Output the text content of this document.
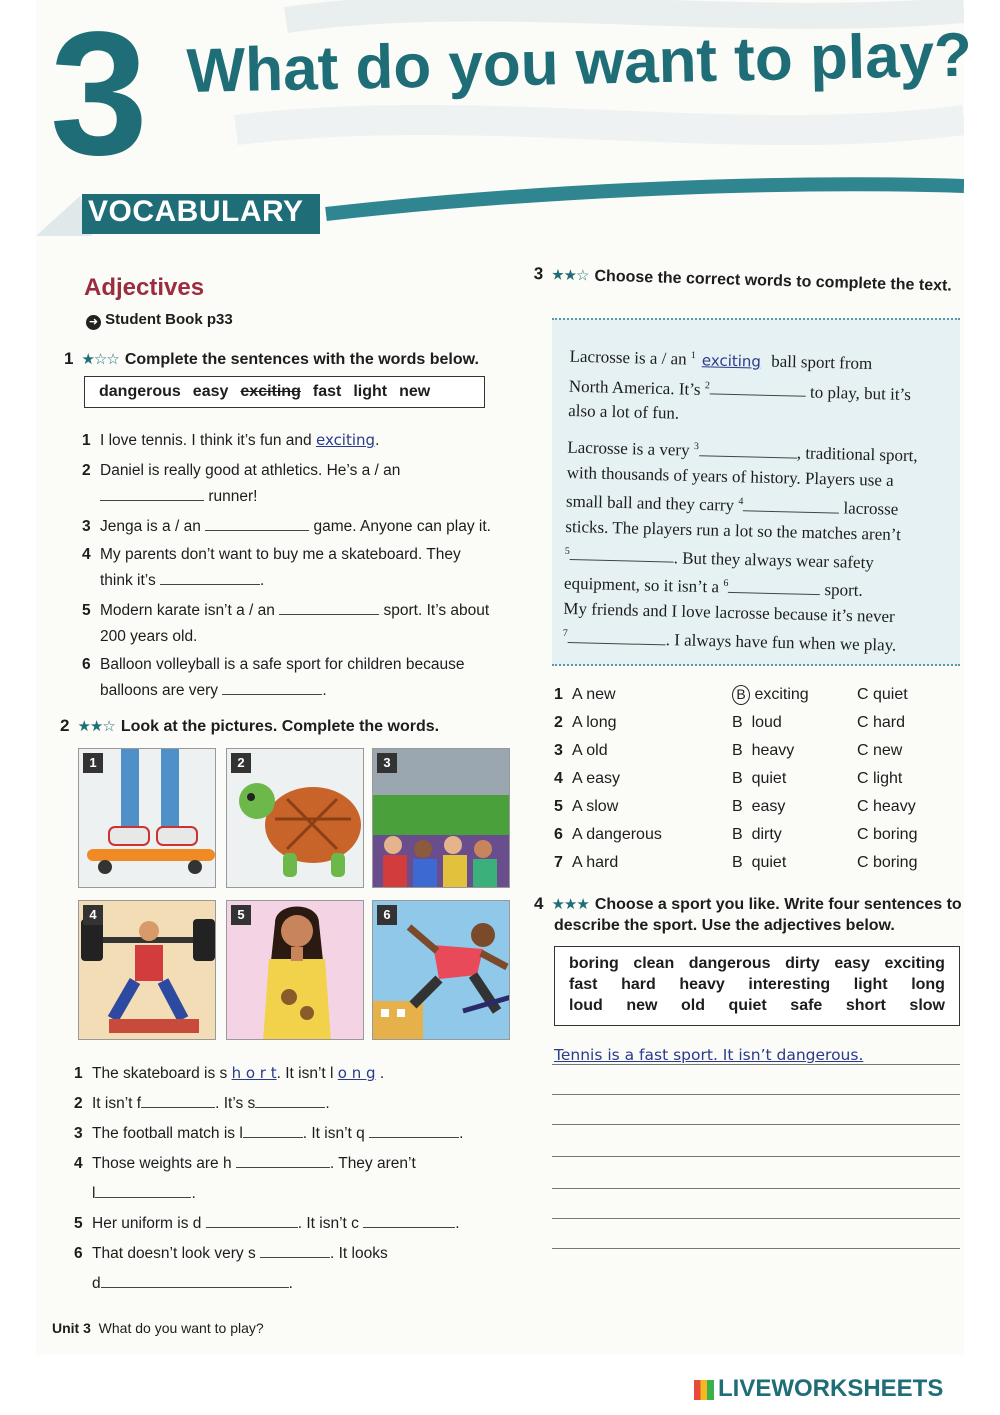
3 What do you want to play?
VOCABULARY
Adjectives
➜ Student Book p33
1 ★☆☆ Complete the sentences with the words below.
dangerous easy exciting fast light new
1 I love tennis. I think it’s fun and exciting.
2 Daniel is really good at athletics. He’s a / an
runner!
3 Jenga is a / an	game. Anyone can play it.
4 My parents don’t want to buy me a skateboard. They
think it’s	.
5 Modern karate isn’t a / an	sport. It’s about
200 years old.
6 Balloon volleyball is a safe sport for children because
balloons are very	.
2 ★★☆ Look at the pictures. Complete the words.
1	2	3
4	5	6
1 The skateboard is s h o r t. It isn’t l o n g .
2 It isn’t f	. It’s s	.
3 The football match is l	. It isn’t q	.
4 Those weights are h	. They aren’t
l	.
5 Her uniform is d	. It isn’t c	.
6 That doesn’t look very s	. It looks
d	.
3 ★★☆ Choose the correct words to complete the text.
Lacrosse is a / an $^1$ exciting ball sport from
North America. It’s $^2$	to play, but it’s
also a lot of fun.
Lacrosse is a very $^3$	, traditional sport,
with thousands of years of history. Players use a
small ball and they carry $^4$	lacrosse
sticks. The players run a lot so the matches aren’t
$^5$	. But they always wear safety
equipment, so it isn’t a $^6$	sport.
My friends and I love lacrosse because it’s never
$^7$	. I always have fun when we play.
1 A new	B exciting	C quiet
2 A long	B loud	C hard
3 A old	B heavy	C new
4 A easy	B quiet	C light
5 A slow	B easy	C heavy
6 A dangerous	B dirty	C boring
7 A hard	B quiet	C boring
4 ★★★ Choose a sport you like. Write four sentences to
describe the sport. Use the adjectives below.
boring clean dangerous dirty easy exciting
fast hard heavy interesting light long
loud new old quiet safe short slow
Tennis is a fast sport. It isn’t dangerous.
Unit 3 What do you want to play?
LIVEWORKSHEETS
